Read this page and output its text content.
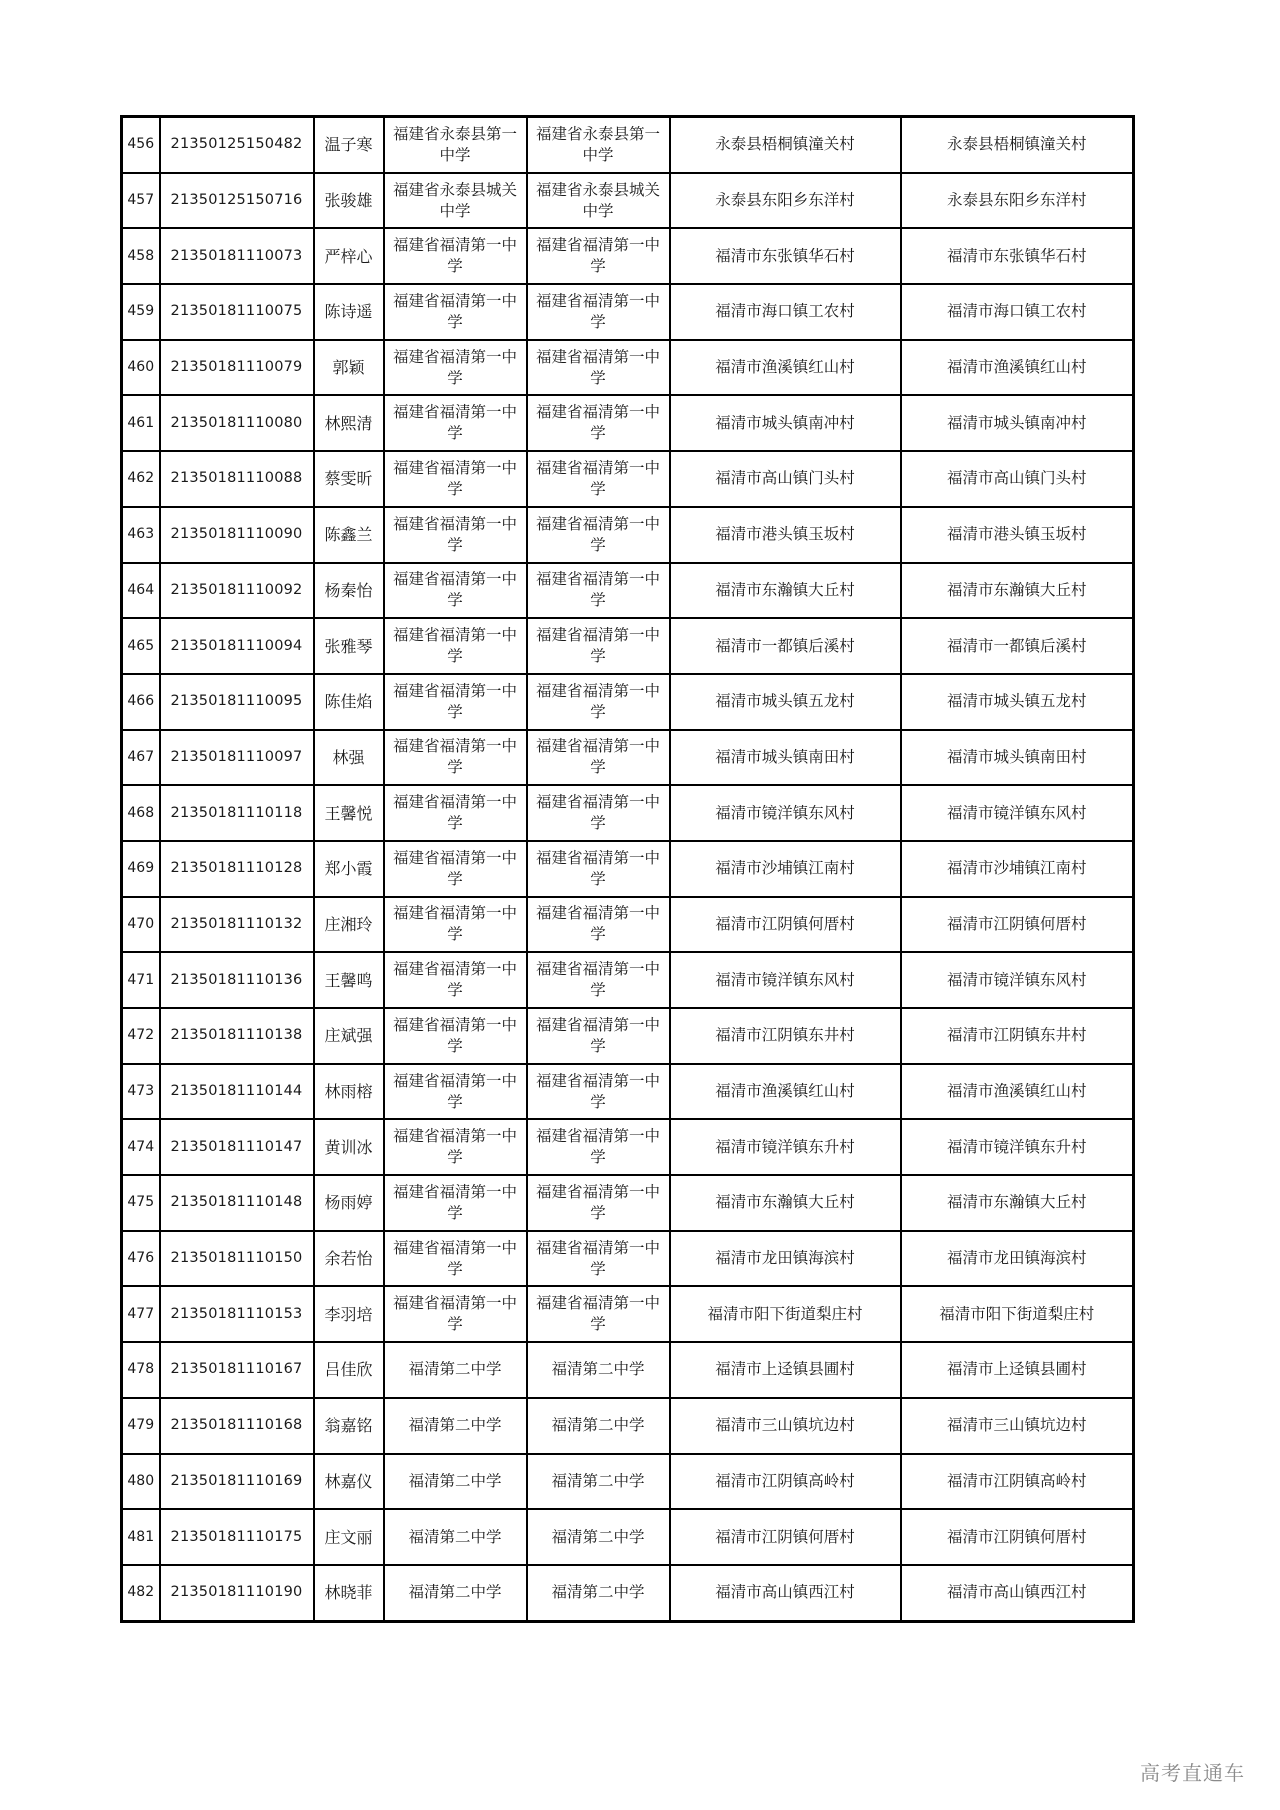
456	21350125150482	温子寒	福建省永泰县第一中学	福建省永泰县第一中学	永泰县梧桐镇潼关村	永泰县梧桐镇潼关村
457	21350125150716	张骏雄	福建省永泰县城关中学	福建省永泰县城关中学	永泰县东阳乡东洋村	永泰县东阳乡东洋村
458	21350181110073	严梓心	福建省福清第一中学	福建省福清第一中学	福清市东张镇华石村	福清市东张镇华石村
459	21350181110075	陈诗遥	福建省福清第一中学	福建省福清第一中学	福清市海口镇工农村	福清市海口镇工农村
460	21350181110079	郭颖	福建省福清第一中学	福建省福清第一中学	福清市渔溪镇红山村	福清市渔溪镇红山村
461	21350181110080	林熙清	福建省福清第一中学	福建省福清第一中学	福清市城头镇南冲村	福清市城头镇南冲村
462	21350181110088	蔡雯昕	福建省福清第一中学	福建省福清第一中学	福清市高山镇门头村	福清市高山镇门头村
463	21350181110090	陈鑫兰	福建省福清第一中学	福建省福清第一中学	福清市港头镇玉坂村	福清市港头镇玉坂村
464	21350181110092	杨秦怡	福建省福清第一中学	福建省福清第一中学	福清市东瀚镇大丘村	福清市东瀚镇大丘村
465	21350181110094	张雅琴	福建省福清第一中学	福建省福清第一中学	福清市一都镇后溪村	福清市一都镇后溪村
466	21350181110095	陈佳焰	福建省福清第一中学	福建省福清第一中学	福清市城头镇五龙村	福清市城头镇五龙村
467	21350181110097	林强	福建省福清第一中学	福建省福清第一中学	福清市城头镇南田村	福清市城头镇南田村
468	21350181110118	王馨悦	福建省福清第一中学	福建省福清第一中学	福清市镜洋镇东风村	福清市镜洋镇东风村
469	21350181110128	郑小霞	福建省福清第一中学	福建省福清第一中学	福清市沙埔镇江南村	福清市沙埔镇江南村
470	21350181110132	庄湘玲	福建省福清第一中学	福建省福清第一中学	福清市江阴镇何厝村	福清市江阴镇何厝村
471	21350181110136	王馨鸣	福建省福清第一中学	福建省福清第一中学	福清市镜洋镇东风村	福清市镜洋镇东风村
472	21350181110138	庄斌强	福建省福清第一中学	福建省福清第一中学	福清市江阴镇东井村	福清市江阴镇东井村
473	21350181110144	林雨榕	福建省福清第一中学	福建省福清第一中学	福清市渔溪镇红山村	福清市渔溪镇红山村
474	21350181110147	黄训冰	福建省福清第一中学	福建省福清第一中学	福清市镜洋镇东升村	福清市镜洋镇东升村
475	21350181110148	杨雨婷	福建省福清第一中学	福建省福清第一中学	福清市东瀚镇大丘村	福清市东瀚镇大丘村
476	21350181110150	余若怡	福建省福清第一中学	福建省福清第一中学	福清市龙田镇海滨村	福清市龙田镇海滨村
477	21350181110153	李羽培	福建省福清第一中学	福建省福清第一中学	福清市阳下街道梨庄村	福清市阳下街道梨庄村
478	21350181110167	吕佳欣	福清第二中学	福清第二中学	福清市上迳镇县圃村	福清市上迳镇县圃村
479	21350181110168	翁嘉铭	福清第二中学	福清第二中学	福清市三山镇坑边村	福清市三山镇坑边村
480	21350181110169	林嘉仪	福清第二中学	福清第二中学	福清市江阴镇高岭村	福清市江阴镇高岭村
481	21350181110175	庄文丽	福清第二中学	福清第二中学	福清市江阴镇何厝村	福清市江阴镇何厝村
482	21350181110190	林晓菲	福清第二中学	福清第二中学	福清市高山镇西江村	福清市高山镇西江村
高考直通车
